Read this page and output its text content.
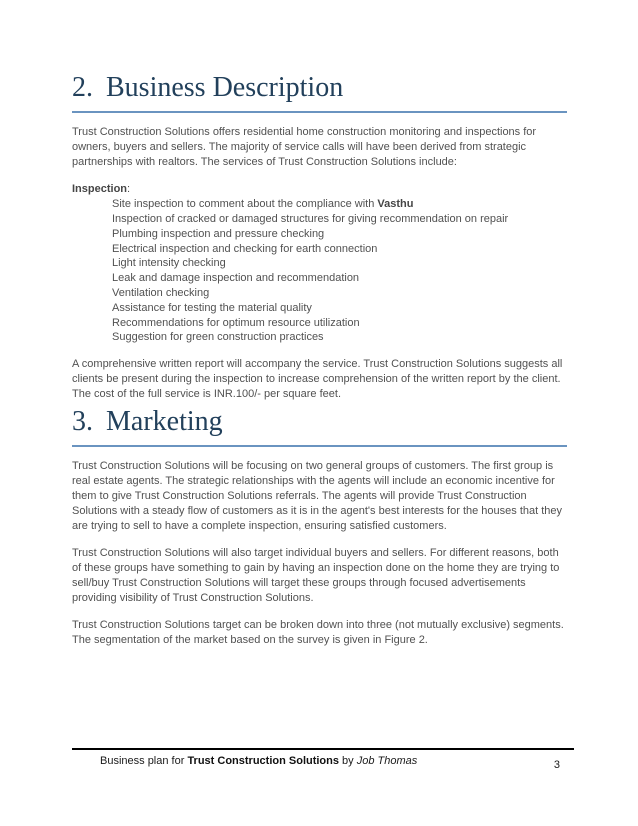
2. Business Description

Trust Construction Solutions offers residential home construction monitoring and inspections for owners, buyers and sellers. The majority of service calls will have been derived from strategic partnerships with realtors. The services of Trust Construction Solutions include:

Inspection:

Site inspection to comment about the compliance with Vasthu
Inspection of cracked or damaged structures for giving recommendation on repair
Plumbing inspection and pressure checking
Electrical inspection and checking for earth connection
Light intensity checking
Leak and damage inspection and recommendation
Ventilation checking
Assistance for testing the material quality
Recommendations for optimum resource utilization
Suggestion for green construction practices

A comprehensive written report will accompany the service. Trust Construction Solutions suggests all clients be present during the inspection to increase comprehension of the written report by the client. The cost of the full service is INR.100/- per square feet.

3. Marketing

Trust Construction Solutions will be focusing on two general groups of customers. The first group is real estate agents. The strategic relationships with the agents will include an economic incentive for them to give Trust Construction Solutions referrals. The agents will provide Trust Construction Solutions with a steady flow of customers as it is in the agent's best interests for the houses that they are trying to sell to have a complete inspection, ensuring satisfied customers.

Trust Construction Solutions will also target individual buyers and sellers. For different reasons, both of these groups have something to gain by having an inspection done on the home they are trying to sell/buy Trust Construction Solutions will target these groups through focused advertisements providing visibility of Trust Construction Solutions.

Trust Construction Solutions target can be broken down into three (not mutually exclusive) segments. The segmentation of the market based on the survey is given in Figure 2.

Business plan for Trust Construction Solutions by Job Thomas	3
